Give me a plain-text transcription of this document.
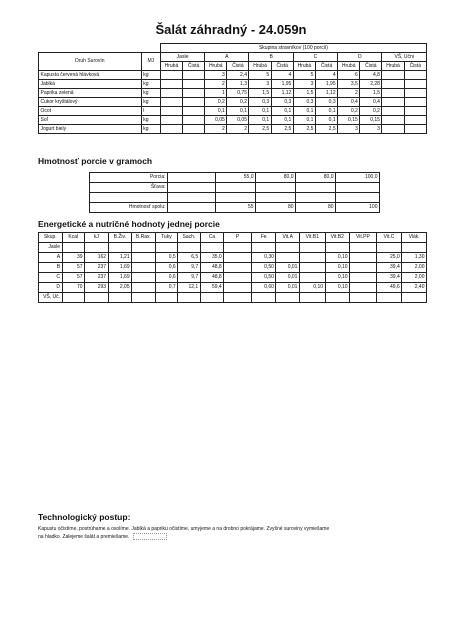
Šalát záhradný - 24.059n
		Skupina stravníkov (100 porcií)											
Druh Surovín	MJ	Jasle		A		B		C		D		VŠ, Učni	
		Hrubá	Čistá	Hrubá	Čistá	Hrubá	Čistá	Hrubá	Čistá	Hrubá	Čistá	Hrubá	Čistá
Kapusta červená hlávková	kg			3	2,4	5	4	5	4	6	4,8		
Jablká	kg			2	1,3	3	1,95	3	1,95	3,5	2,28		
Paprika zelená	kg			1	0,75	1,5	1,12	1,5	1,12	2	1,5		
Cukor kryštálový	kg			0,2	0,2	0,3	0,3	0,3	0,3	0,4	0,4		
Ocot	l			0,1	0,1	0,1	0,1	0,1	0,1	0,2	0,2		
Soľ	kg			0,05	0,05	0,1	0,1	0,1	0,1	0,15	0,15		
Jogurt biely	kg			2	2	2,5	2,5	2,5	2,5	3	3		
Hmotnosť porcie v gramoch
Porcia:		55,0	80,0	80,0	100,0	
Šťava:						

Hmotnosť spolu:		55	80	80	100	
Energetické a nutričné hodnoty jednej porcie
Skup.	Kcal	kJ	B.Živ.	B.Rax.	Tuky	Sach.	Ca	P	Fe	Vit.A	Vit.B1	Vit.B2	Vit.PP	Vit.C	Vlák.
Jasle															
A	39	162	1,21		0,5	6,5	35,0		0,30			0,10		25,0	1,30
B	57	237	1,69		0,6	9,7	48,8		0,50	0,01		0,10		39,4	2,00
C	57	237	1,69		0,6	9,7	48,8		0,50	0,01		0,10		39,4	2,00
D	70	293	2,05		0,7	12,1	59,4		0,60	0,01	0,10	0,10		49,6	2,40
VŠ, Uč.															
Technologický postup:

Kapustu očistíme, postrúhame a osolíme. Jablká a papriku očistíme, umyjeme a na drobno pokrájame. Zvyšné suroviny vymiešame
na hladko. Zalejeme šalát a premiešame.
